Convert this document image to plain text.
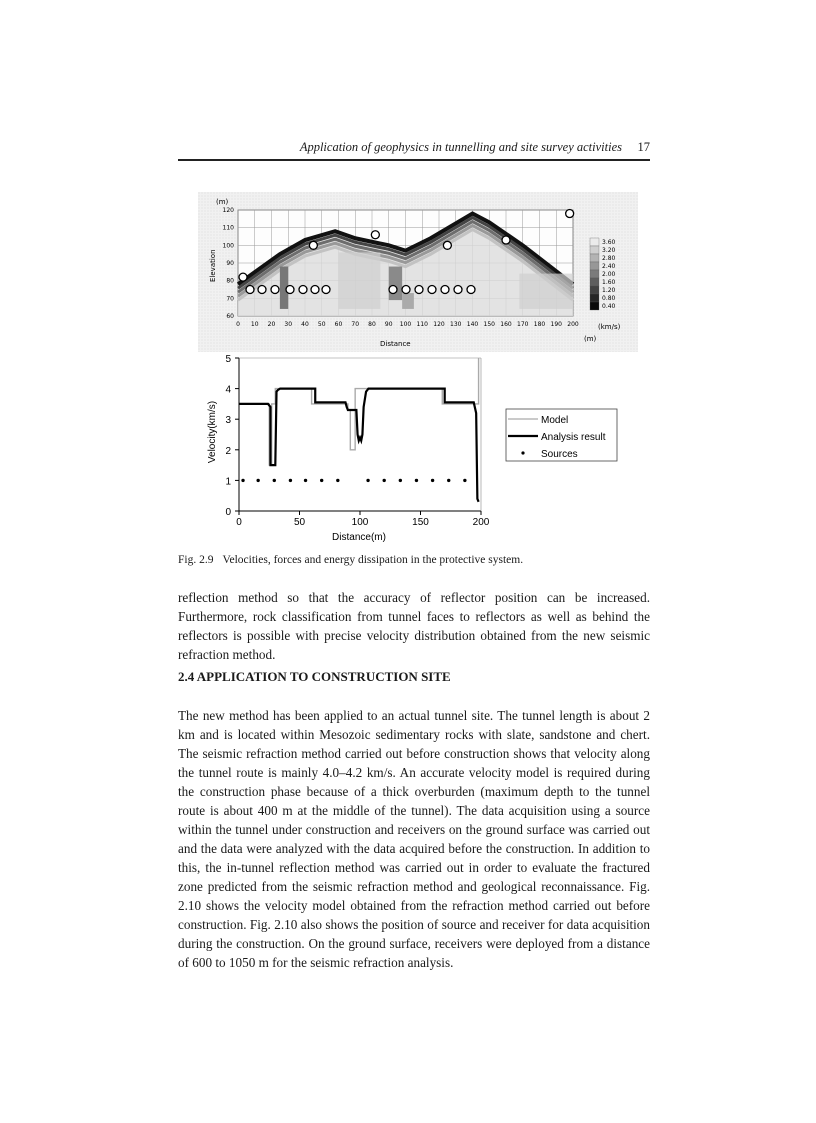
Application of geophysics in tunnelling and site survey activities 17
0 10 20 30 40 50 60 70 80 90 100 110 120 130 140 150 160 170 180 190 200
120
110
100
90
80
70
60
3.60
3.20
2.80
2.40
2.00
1.60
1.20
0.80
0.40
(m)
Elevation
Distance
(m)
(km/s)
0	50	100	150	200
0
1
2
3
4
5
Velocity(km/s)
Distance(m)
Model
Analysis result
Sources
Fig. 2.9 Velocities, forces and energy dissipation in the protective system.

reflection method so that the accuracy of reflector position can be increased. Furthermore, rock classification from tunnel faces to reflectors as well as behind the reflectors is possible with precise velocity distribution obtained from the new seismic refraction method.

2.4 APPLICATION TO CONSTRUCTION SITE

The new method has been applied to an actual tunnel site. The tunnel length is about 2 km and is located within Mesozoic sedimentary rocks with slate, sandstone and chert. The seismic refraction method carried out before construction shows that velocity along the tunnel route is mainly 4.0–4.2 km/s. An accurate velocity model is required during the construction phase because of a thick overburden (maximum depth to the tunnel route is about 400 m at the middle of the tunnel). The data acquisition using a source within the tunnel under construction and receivers on the ground surface was carried out and the data were analyzed with the data acquired before the construction. In addition to this, the in-tunnel reflection method was carried out in order to evaluate the fractured zone predicted from the seismic refraction method and geological reconnaissance. Fig. 2.10 shows the velocity model obtained from the refraction method carried out before construction. Fig. 2.10 also shows the position of source and receiver for data acquisition during the construction. On the ground surface, receivers were deployed from a distance of 600 to 1050 m for the seismic refraction analysis.
